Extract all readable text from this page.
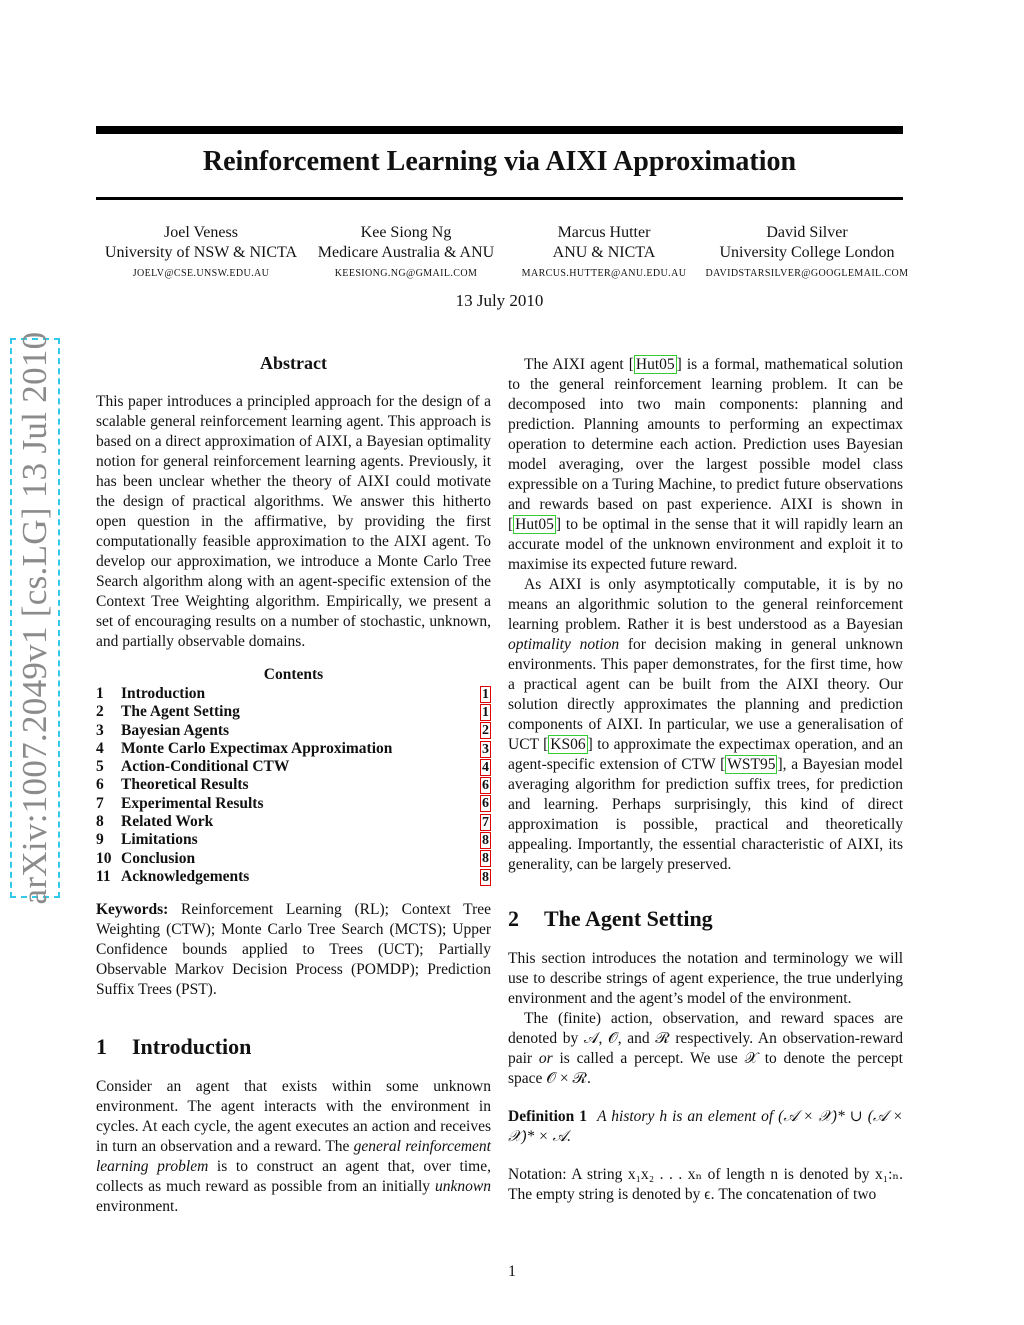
Reinforcement Learning via AIXI Approximation
Joel Veness
University of NSW & NICTA
JOELV@CSE.UNSW.EDU.AU
Kee Siong Ng
Medicare Australia & ANU
KEESIONG.NG@GMAIL.COM
Marcus Hutter
ANU & NICTA
MARCUS.HUTTER@ANU.EDU.AU
David Silver
University College London
DAVIDSTARSILVER@GOOGLEMAIL.COM
13 July 2010
arXiv:1007.2049v1 [cs.LG] 13 Jul 2010	Abstract

This paper introduces a principled approach for the design of a scalable general reinforcement learning agent. This approach is based on a direct approximation of AIXI, a Bayesian optimality notion for general reinforcement learning agents. Previously, it has been unclear whether the theory of AIXI could motivate the design of practical algorithms. We answer this hitherto open question in the affirmative, by providing the first computationally feasible approximation to the AIXI agent. To develop our approximation, we introduce a Monte Carlo Tree Search algorithm along with an agent-specific extension of the Context Tree Weighting algorithm. Empirically, we present a set of encouraging results on a number of stochastic, unknown, and partially observable domains.

Contents
1	Introduction	1
2	The Agent Setting	1
3	Bayesian Agents	2
4	Monte Carlo Expectimax Approximation	3
5	Action-Conditional CTW	4
6	Theoretical Results	6
7	Experimental Results	6
8	Related Work	7
9	Limitations	8
10 Conclusion	8
11 Acknowledgements	8

Keywords: Reinforcement Learning (RL); Context Tree Weighting (CTW); Monte Carlo Tree Search (MCTS); Upper Confidence bounds applied to Trees (UCT); Partially Observable Markov Decision Process (POMDP); Prediction Suffix Trees (PST).

1 Introduction

Consider an agent that exists within some unknown environment. The agent interacts with the environment in cycles. At each cycle, the agent executes an action and receives in turn an observation and a reward. The general reinforcement learning problem is to construct an agent that, over time, collects as much reward as possible from an initially unknown environment.

The AIXI agent [ Hut05 ] is a formal, mathematical solution to the general reinforcement learning problem. It can be decomposed into two main components: planning and prediction. Planning amounts to performing an expectimax operation to determine each action. Prediction uses Bayesian model averaging, over the largest possible model class expressible on a Turing Machine, to predict future observations and rewards based on past experience. AIXI is shown in [ Hut05 ] to be optimal in the sense that it will rapidly learn an accurate model of the unknown environment and exploit it to maximise its expected future reward.

As AIXI is only asymptotically computable, it is by no means an algorithmic solution to the general reinforcement learning problem. Rather it is best understood as a Bayesian optimality notion for decision making in general unknown environments. This paper demonstrates, for the first time, how a practical agent can be built from the AIXI theory. Our solution directly approximates the planning and prediction components of AIXI. In particular, we use a generalisation of UCT [ KS06 ] to approximate the expectimax operation, and an agent-specific extension of CTW [ WST95 ], a Bayesian model averaging algorithm for prediction suffix trees, for prediction and learning. Perhaps surprisingly, this kind of direct approximation is possible, practical and theoretically appealing. Importantly, the essential characteristic of AIXI, its generality, can be largely preserved.

2 The Agent Setting

This section introduces the notation and terminology we will use to describe strings of agent experience, the true underlying environment and the agent’s model of the environment.

The (finite) action, observation, and reward spaces are denoted by 𝒜, 𝒪, and ℛ respectively. An observation-reward pair or is called a percept. We use 𝒳 to denote the percept space 𝒪 × ℛ.

Definition 1 A history h is an element of (𝒜 × 𝒳)* ∪ (𝒜 × 𝒳)* × 𝒜.

Notation: A string x₁x₂ . . . xₙ of length n is denoted by x₁:ₙ. The empty string is denoted by ϵ. The concatenation of two

1
